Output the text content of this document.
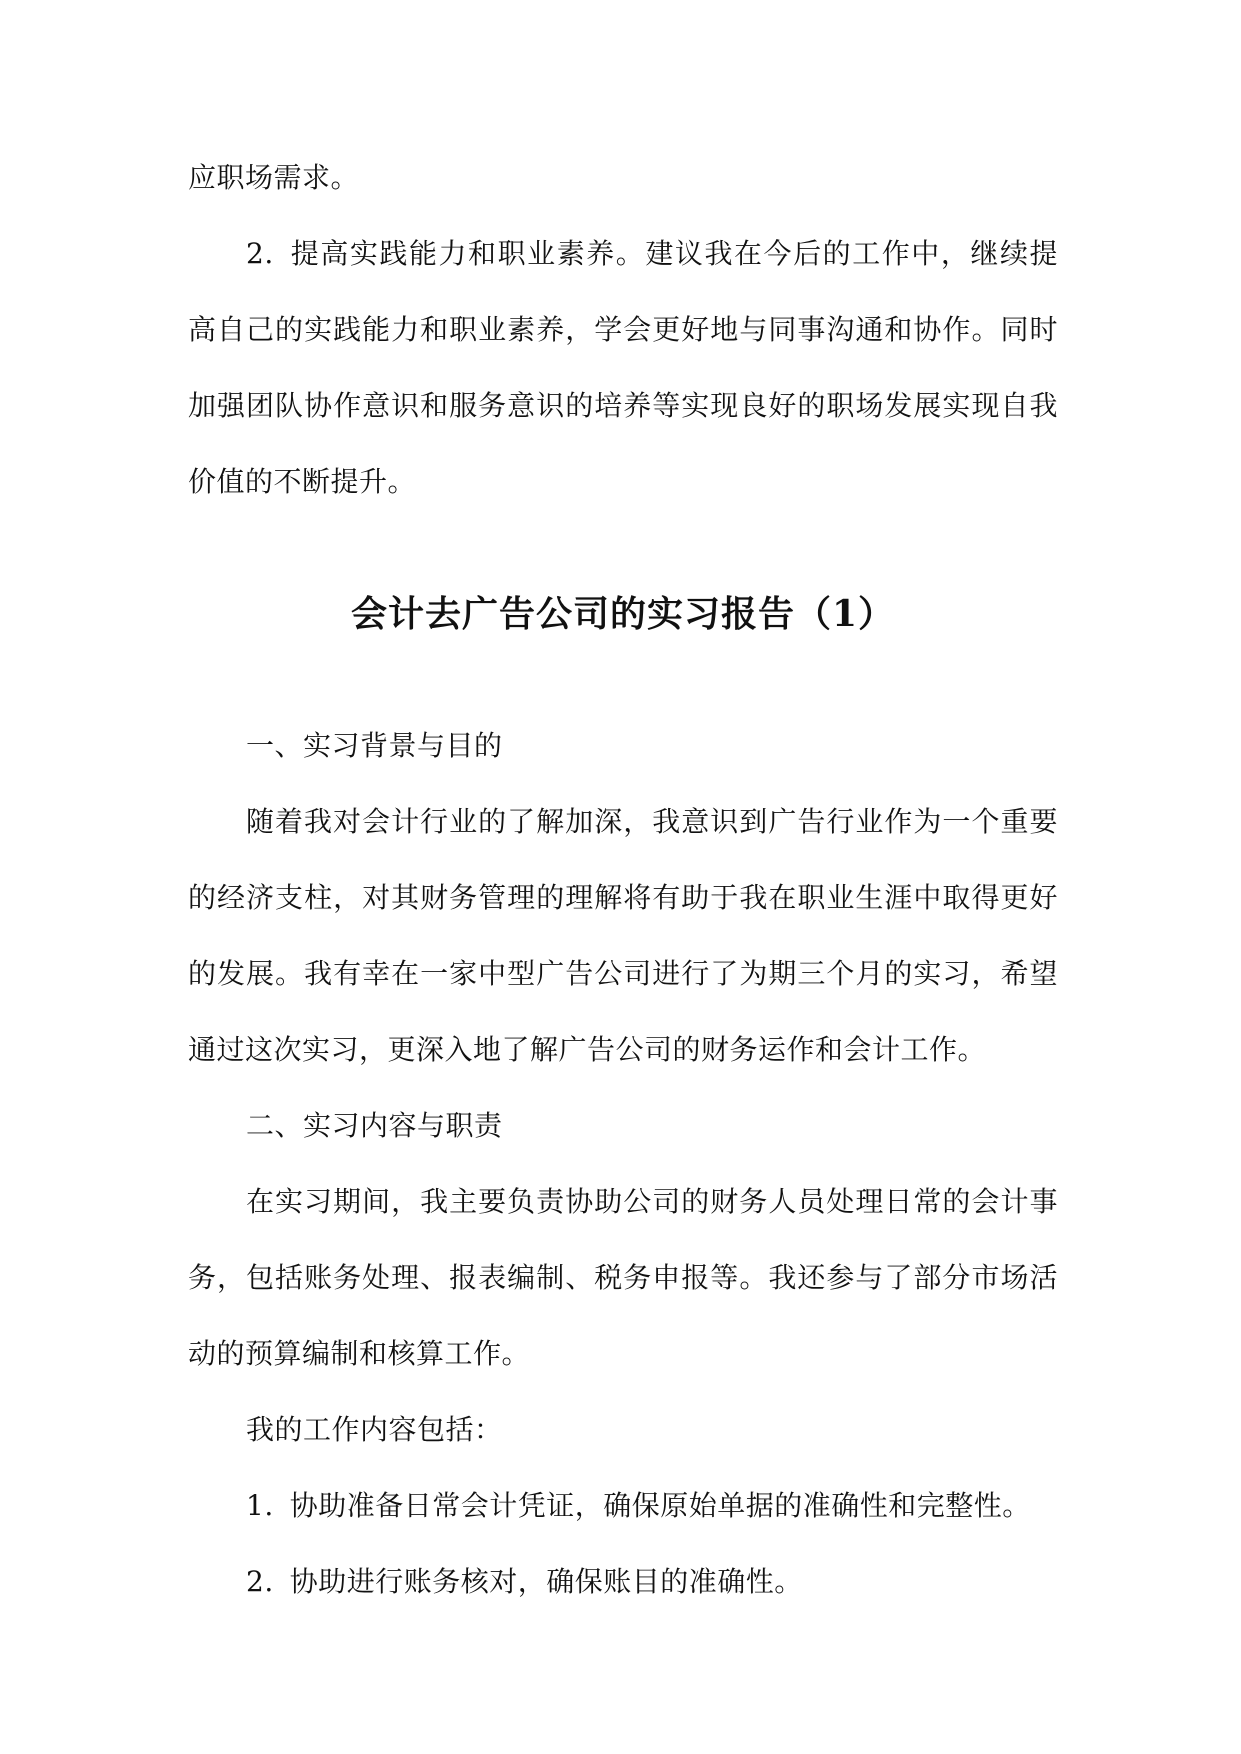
应职场需求。

2. 提高实践能力和职业素养。建议我在今后的工作中，继续提高自己的实践能力和职业素养，学会更好地与同事沟通和协作。同时加强团队协作意识和服务意识的培养等实现良好的职场发展实现自我价值的不断提升。

会计去广告公司的实习报告（1）

一、实习背景与目的

随着我对会计行业的了解加深，我意识到广告行业作为一个重要的经济支柱，对其财务管理的理解将有助于我在职业生涯中取得更好的发展。我有幸在一家中型广告公司进行了为期三个月的实习，希望通过这次实习，更深入地了解广告公司的财务运作和会计工作。

二、实习内容与职责

在实习期间，我主要负责协助公司的财务人员处理日常的会计事务，包括账务处理、报表编制、税务申报等。我还参与了部分市场活动的预算编制和核算工作。

我的工作内容包括：

1. 协助准备日常会计凭证，确保原始单据的准确性和完整性。

2. 协助进行账务核对，确保账目的准确性。
